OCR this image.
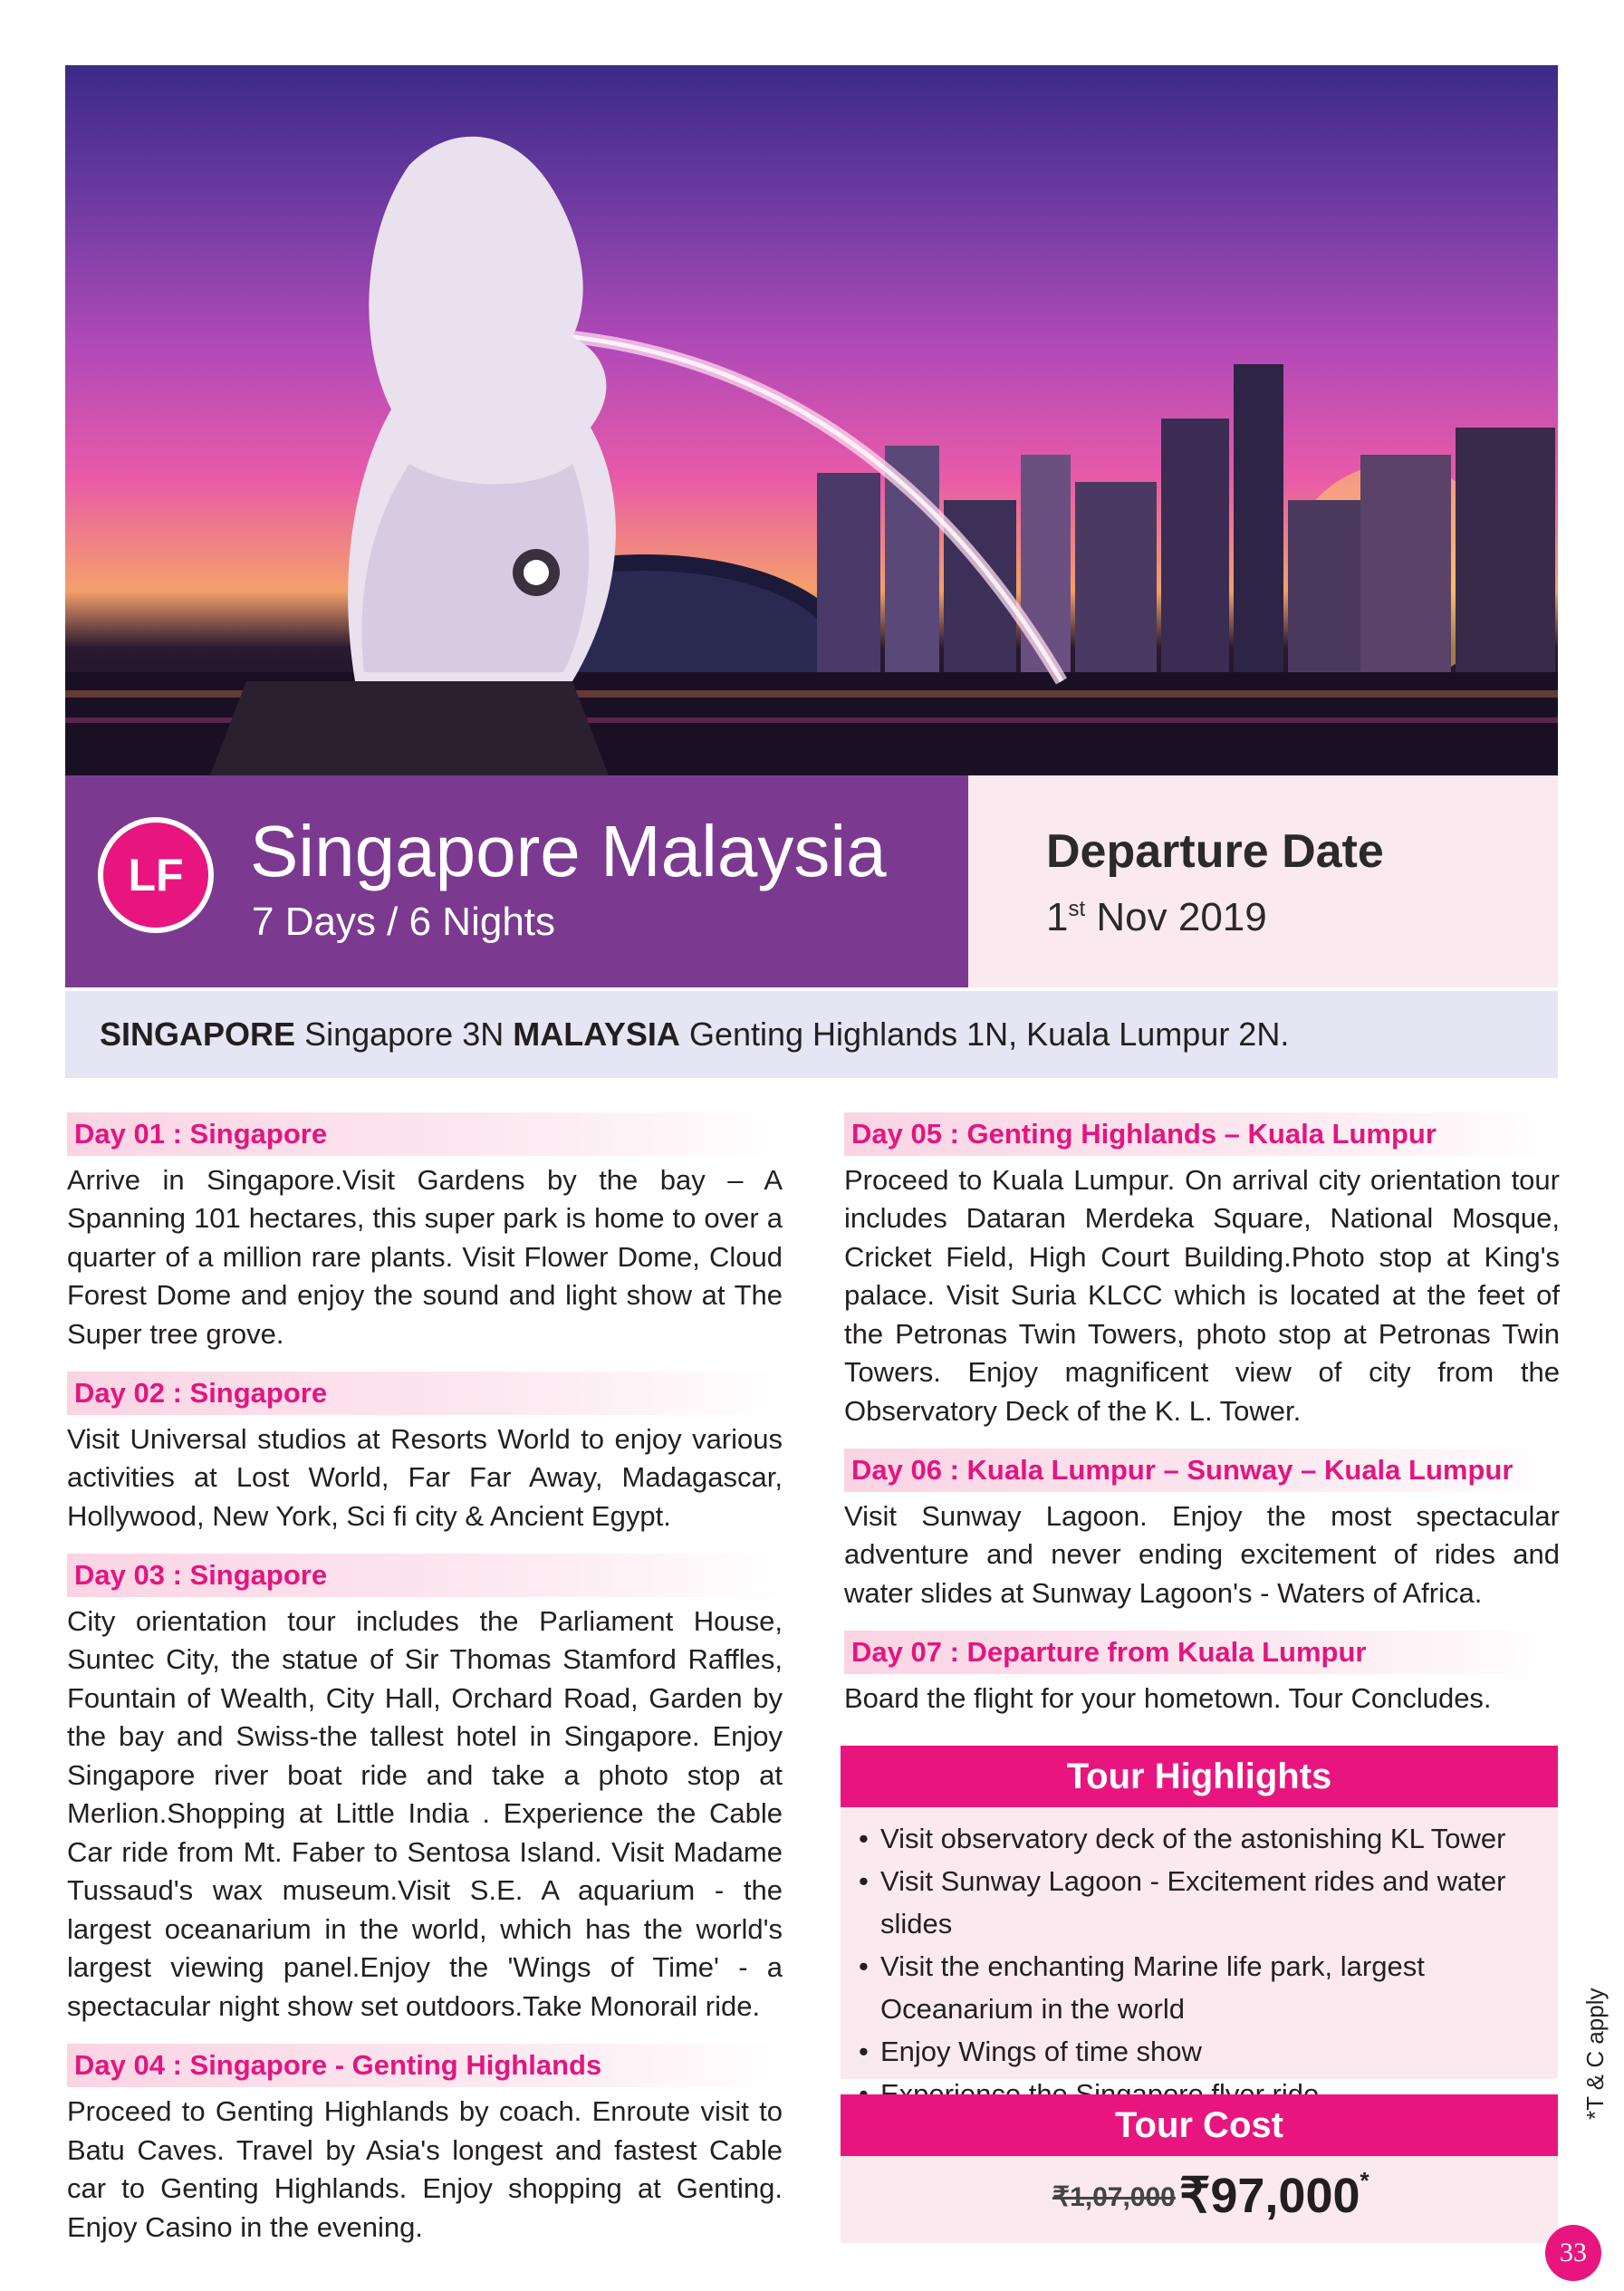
LF Singapore Malaysia
7 Days / 6 Nights
Departure Date
1st Nov 2019
SINGAPORE Singapore 3N MALAYSIA Genting Highlands 1N, Kuala Lumpur 2N.
Day 01 : Singapore

Arrive in Singapore.Visit Gardens by the bay – A Spanning 101 hectares, this super park is home to over a quarter of a million rare plants. Visit Flower Dome, Cloud Forest Dome and enjoy the sound and light show at The Super tree grove.

Day 02 : Singapore

Visit Universal studios at Resorts World to enjoy various activities at Lost World, Far Far Away, Madagascar, Hollywood, New York, Sci fi city & Ancient Egypt.

Day 03 : Singapore

City orientation tour includes the Parliament House, Suntec City, the statue of Sir Thomas Stamford Raffles, Fountain of Wealth, City Hall, Orchard Road, Garden by the bay and Swiss-the tallest hotel in Singapore. Enjoy Singapore river boat ride and take a photo stop at Merlion.Shopping at Little India . Experience the Cable Car ride from Mt. Faber to Sentosa Island. Visit Madame Tussaud's wax museum.Visit S.E. A aquarium - the largest oceanarium in the world, which has the world's largest viewing panel.Enjoy the 'Wings of Time' - a spectacular night show set outdoors.Take Monorail ride.

Day 04 : Singapore - Genting Highlands

Proceed to Genting Highlands by coach. Enroute visit to Batu Caves. Travel by Asia's longest and fastest Cable car to Genting Highlands. Enjoy shopping at Genting. Enjoy Casino in the evening.

Day 05 : Genting Highlands – Kuala Lumpur

Proceed to Kuala Lumpur. On arrival city orientation tour includes Dataran Merdeka Square, National Mosque, Cricket Field, High Court Building.Photo stop at King's palace. Visit Suria KLCC which is located at the feet of the Petronas Twin Towers, photo stop at Petronas Twin Towers. Enjoy magnificent view of city from the Observatory Deck of the K. L. Tower.

Day 06 : Kuala Lumpur – Sunway – Kuala Lumpur

Visit Sunway Lagoon. Enjoy the most spectacular adventure and never ending excitement of rides and water slides at Sunway Lagoon's - Waters of Africa.

Day 07 : Departure from Kuala Lumpur

Board the flight for your hometown. Tour Concludes.

Tour Highlights
• Visit observatory deck of the astonishing KL Tower
• Visit Sunway Lagoon - Excitement rides and water slides
• Visit the enchanting Marine life park, largest Oceanarium in the world
• Enjoy Wings of time show
Tour Cost
₹1,07,000 ₹97,000*
*T & C apply
33
